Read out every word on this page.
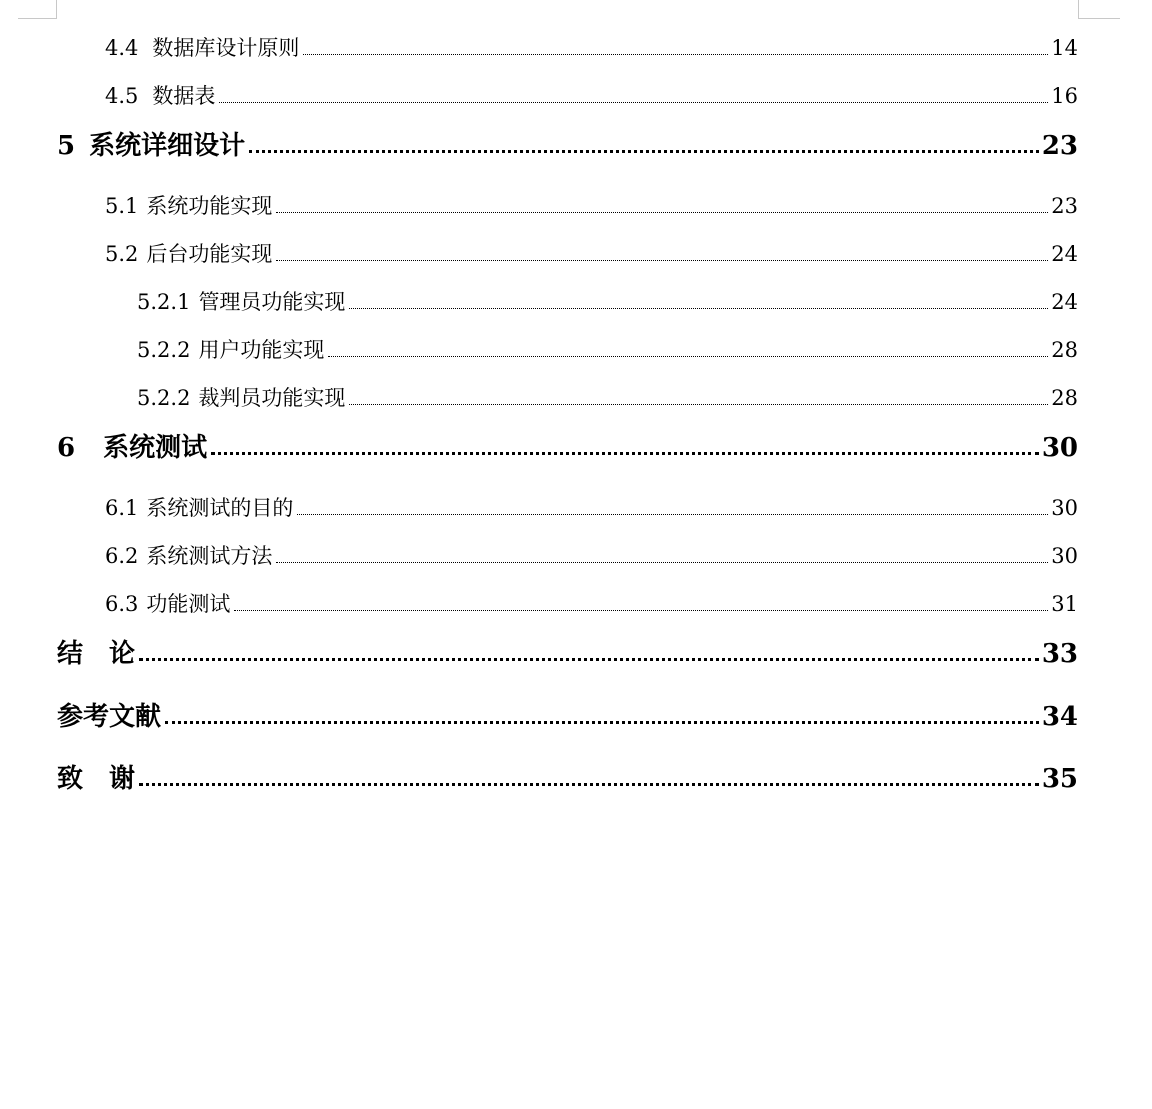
4.4 数据库设计原则	14
4.5 数据表	16
5 系统详细设计	23
5.1 系统功能实现	23
5.2 后台功能实现	24
5.2.1 管理员功能实现	24
5.2.2 用户功能实现	28
5.2.2 裁判员功能实现	28
6 系统测试	30
6.1 系统测试的目的	30
6.2 系统测试方法	30
6.3 功能测试	31
结　论	33
参考文献	34
致　谢	35
